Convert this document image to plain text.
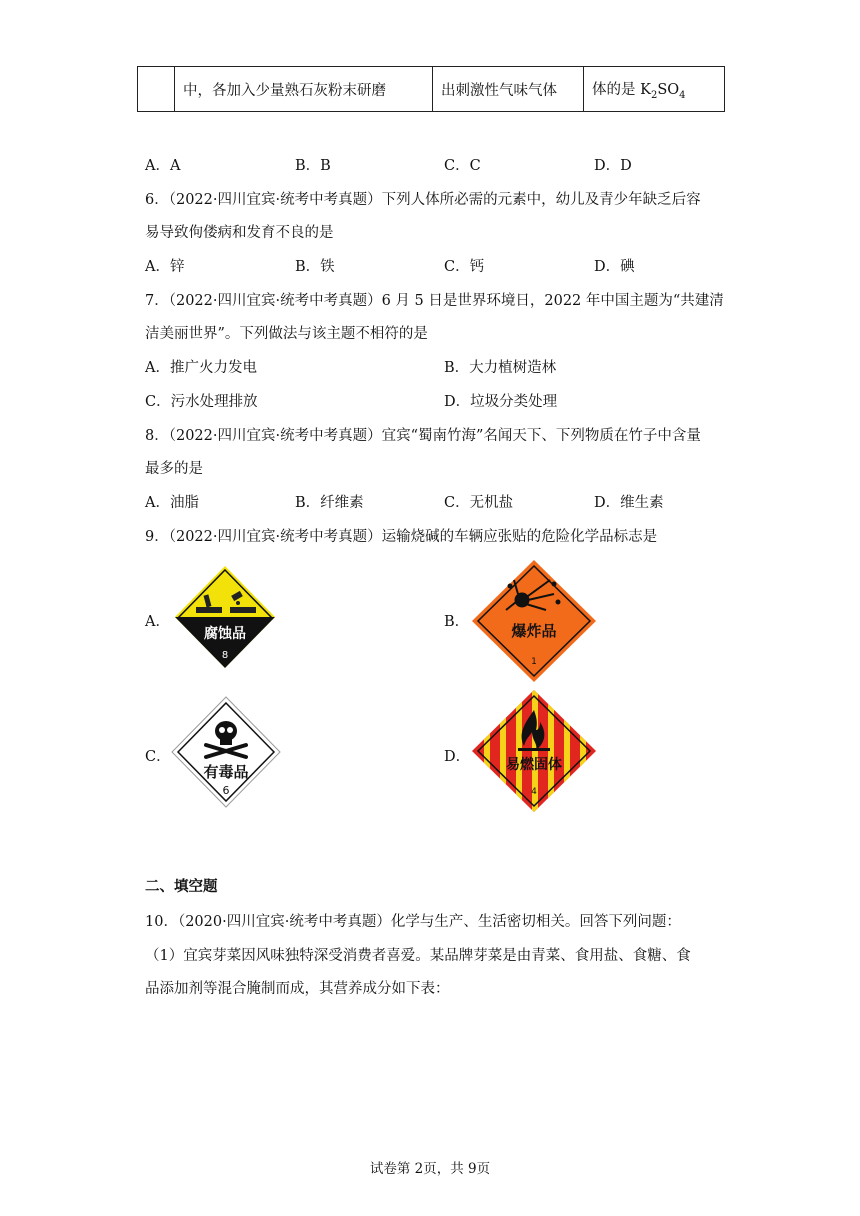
	中，各加入少量熟石灰粉末研磨	出刺激性气味气体	体的是 $K_2SO_4$
A．A	B．B	C．C	D．D
6．（2022·四川宜宾·统考中考真题）下列人体所必需的元素中，幼儿及青少年缺乏后容
易导致佝偻病和发育不良的是
A．锌	B．铁	C．钙	D．碘
7．（2022·四川宜宾·统考中考真题）6 月 5 日是世界环境日，2022 年中国主题为“共建清
洁美丽世界”。下列做法与该主题不相符的是
A．推广火力发电	B．大力植树造林
C．污水处理排放	D．垃圾分类处理
8．（2022·四川宜宾·统考中考真题）宜宾“蜀南竹海”名闻天下、下列物质在竹子中含量
最多的是
A．油脂	B．纤维素	C．无机盐	D．维生素
9．（2022·四川宜宾·统考中考真题）运输烧碱的车辆应张贴的危险化学品标志是
A．	B．
C．	D．
腐蚀品
8
爆炸品
1
有毒品
6
易燃固体
4
二、填空题
10．（2020·四川宜宾·统考中考真题）化学与生产、生活密切相关。回答下列问题：
（1）宜宾芽菜因风味独特深受消费者喜爱。某品牌芽菜是由青菜、食用盐、食糖、食
品添加剂等混合腌制而成，其营养成分如下表：
试卷第 2页，共 9页
